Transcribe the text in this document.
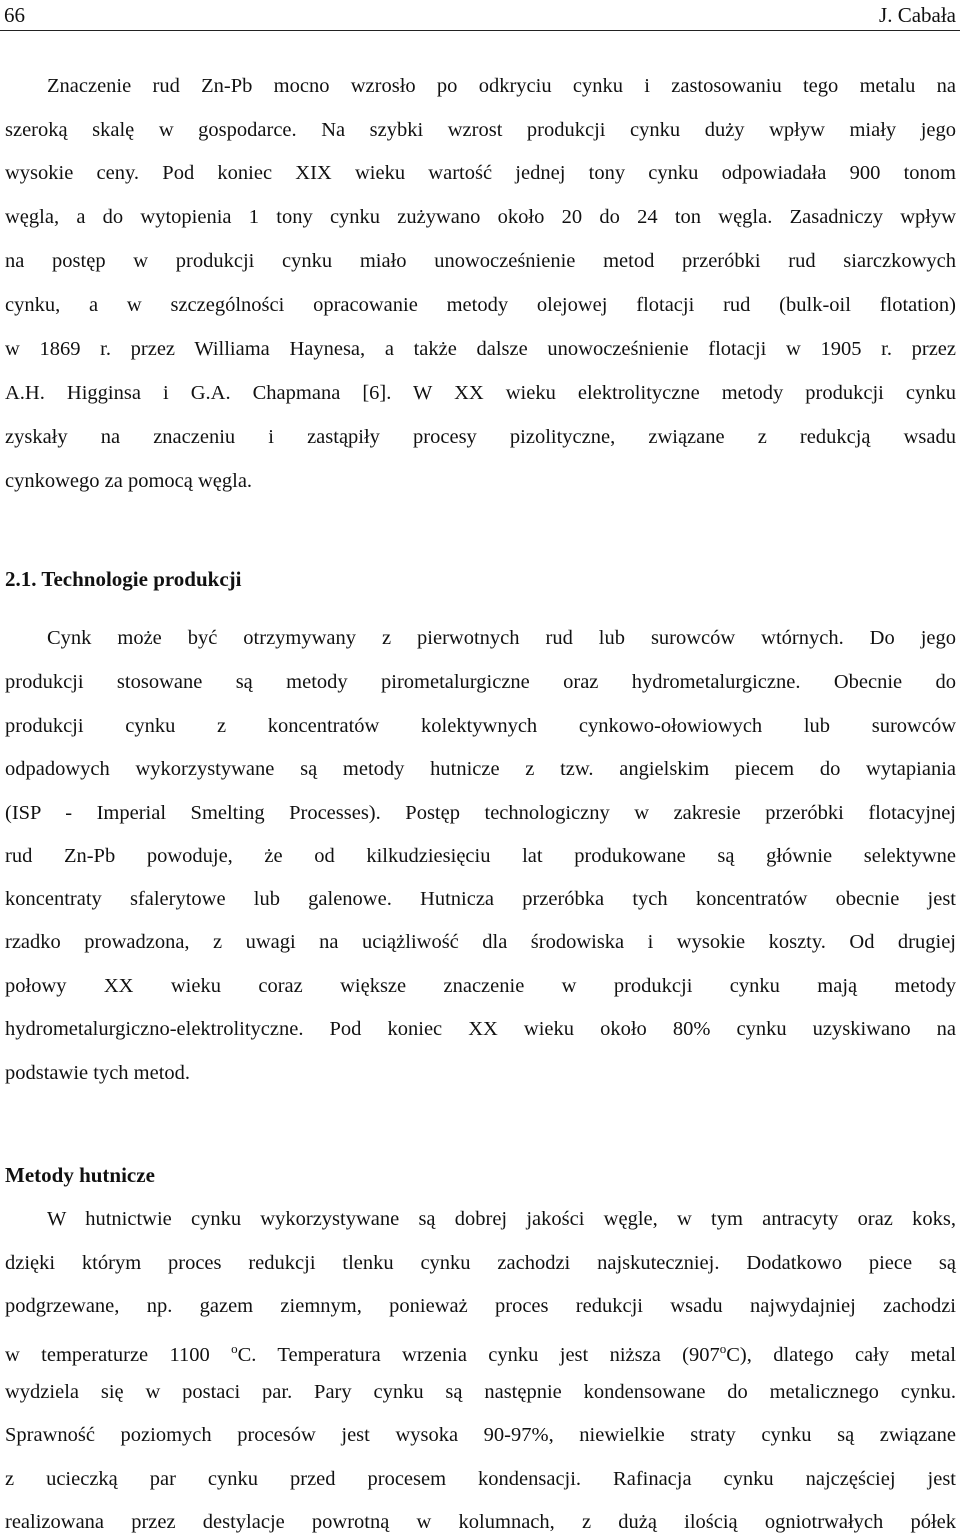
66	J. Cabała
Znaczenie rud Zn-Pb mocno wzrosło po odkryciu cynku i zastosowaniu tego metalu na
szeroką skalę w gospodarce. Na szybki wzrost produkcji cynku duży wpływ miały jego
wysokie ceny. Pod koniec XIX wieku wartość jednej tony cynku odpowiadała 900 tonom
węgla, a do wytopienia 1 tony cynku zużywano około 20 do 24 ton węgla. Zasadniczy wpływ
na postęp w produkcji cynku miało unowocześnienie metod przeróbki rud siarczkowych
cynku, a w szczególności opracowanie metody olejowej flotacji rud (bulk-oil flotation)
w 1869 r. przez Williama Haynesa, a także dalsze unowocześnienie flotacji w 1905 r. przez
A.H. Higginsa i G.A. Chapmana [6]. W XX wieku elektrolityczne metody produkcji cynku
zyskały na znaczeniu i zastąpiły procesy pizolityczne, związane z redukcją wsadu
cynkowego za pomocą węgla.
2.1. Technologie produkcji
Cynk może być otrzymywany z pierwotnych rud lub surowców wtórnych. Do jego
produkcji stosowane są metody pirometalurgiczne oraz hydrometalurgiczne. Obecnie do
produkcji cynku z koncentratów kolektywnych cynkowo-ołowiowych lub surowców
odpadowych wykorzystywane są metody hutnicze z tzw. angielskim piecem do wytapiania
(ISP - Imperial Smelting Processes). Postęp technologiczny w zakresie przeróbki flotacyjnej
rud Zn-Pb powoduje, że od kilkudziesięciu lat produkowane są głównie selektywne
koncentraty sfalerytowe lub galenowe. Hutnicza przeróbka tych koncentratów obecnie jest
rzadko prowadzona, z uwagi na uciążliwość dla środowiska i wysokie koszty. Od drugiej
połowy XX wieku coraz większe znaczenie w produkcji cynku mają metody
hydrometalurgiczno-elektrolityczne. Pod koniec XX wieku około 80% cynku uzyskiwano na
podstawie tych metod.
Metody hutnicze
W hutnictwie cynku wykorzystywane są dobrej jakości węgle, w tym antracyty oraz koks,
dzięki którym proces redukcji tlenku cynku zachodzi najskuteczniej. Dodatkowo piece są
podgrzewane, np. gazem ziemnym, ponieważ proces redukcji wsadu najwydajniej zachodzi
w temperaturze 1100 $^o$C. Temperatura wrzenia cynku jest niższa (907$^o$C), dlatego cały metal
wydziela się w postaci par. Pary cynku są następnie kondensowane do metalicznego cynku.
Sprawność poziomych procesów jest wysoka 90-97%, niewielkie straty cynku są związane
z ucieczką par cynku przed procesem kondensacji. Rafinacja cynku najczęściej jest
realizowana przez destylacje powrotną w kolumnach, z dużą ilością ogniotrwałych półek
